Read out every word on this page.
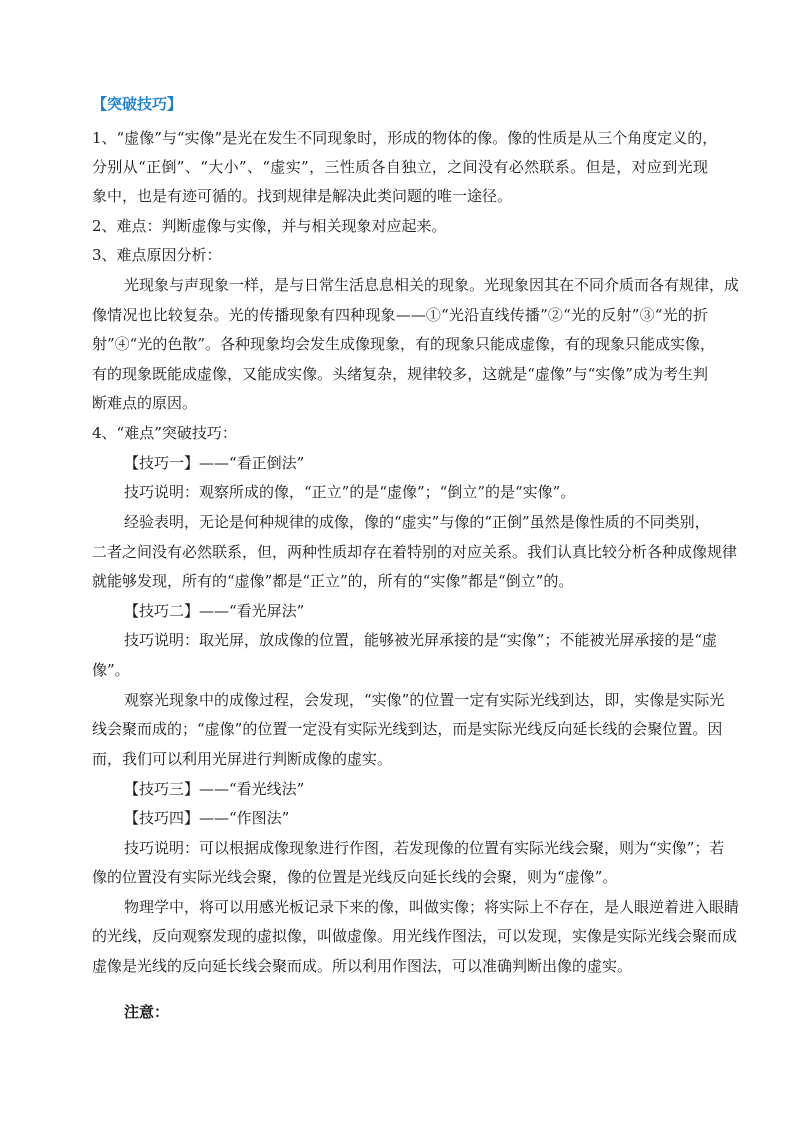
【突破技巧】
1、“虚像”与“实像”是光在发生不同现象时，形成的物体的像。像的性质是从三个角度定义的，
分别从“正倒”、“大小”、“虚实”，三性质各自独立，之间没有必然联系。但是，对应到光现
象中，也是有迹可循的。找到规律是解决此类问题的唯一途径。
2、难点：判断虚像与实像，并与相关现象对应起来。
3、难点原因分析：
光现象与声现象一样，是与日常生活息息相关的现象。光现象因其在不同介质而各有规律，成
像情况也比较复杂。光的传播现象有四种现象——①“光沿直线传播”②“光的反射”③“光的折
射”④“光的色散”。各种现象均会发生成像现象，有的现象只能成虚像，有的现象只能成实像，
有的现象既能成虚像，又能成实像。头绪复杂，规律较多，这就是“虚像”与“实像”成为考生判
断难点的原因。
4、“难点”突破技巧：
【技巧一】——“看正倒法”
技巧说明：观察所成的像，“正立”的是“虚像”；“倒立”的是“实像”。
经验表明，无论是何种规律的成像，像的“虚实”与像的“正倒”虽然是像性质的不同类别，
二者之间没有必然联系，但，两种性质却存在着特别的对应关系。我们认真比较分析各种成像规律
就能够发现，所有的“虚像”都是“正立”的，所有的“实像”都是“倒立”的。
【技巧二】——“看光屏法”
技巧说明：取光屏，放成像的位置，能够被光屏承接的是“实像”；不能被光屏承接的是“虚
像”。
观察光现象中的成像过程，会发现，“实像”的位置一定有实际光线到达，即，实像是实际光
线会聚而成的；“虚像”的位置一定没有实际光线到达，而是实际光线反向延长线的会聚位置。因
而，我们可以利用光屏进行判断成像的虚实。
【技巧三】——“看光线法”
【技巧四】——“作图法”
技巧说明：可以根据成像现象进行作图，若发现像的位置有实际光线会聚，则为“实像”；若
像的位置没有实际光线会聚，像的位置是光线反向延长线的会聚，则为“虚像”。
物理学中，将可以用感光板记录下来的像，叫做实像；将实际上不存在，是人眼逆着进入眼睛
的光线，反向观察发现的虚拟像，叫做虚像。用光线作图法，可以发现，实像是实际光线会聚而成
虚像是光线的反向延长线会聚而成。所以利用作图法，可以准确判断出像的虚实。
注意：
